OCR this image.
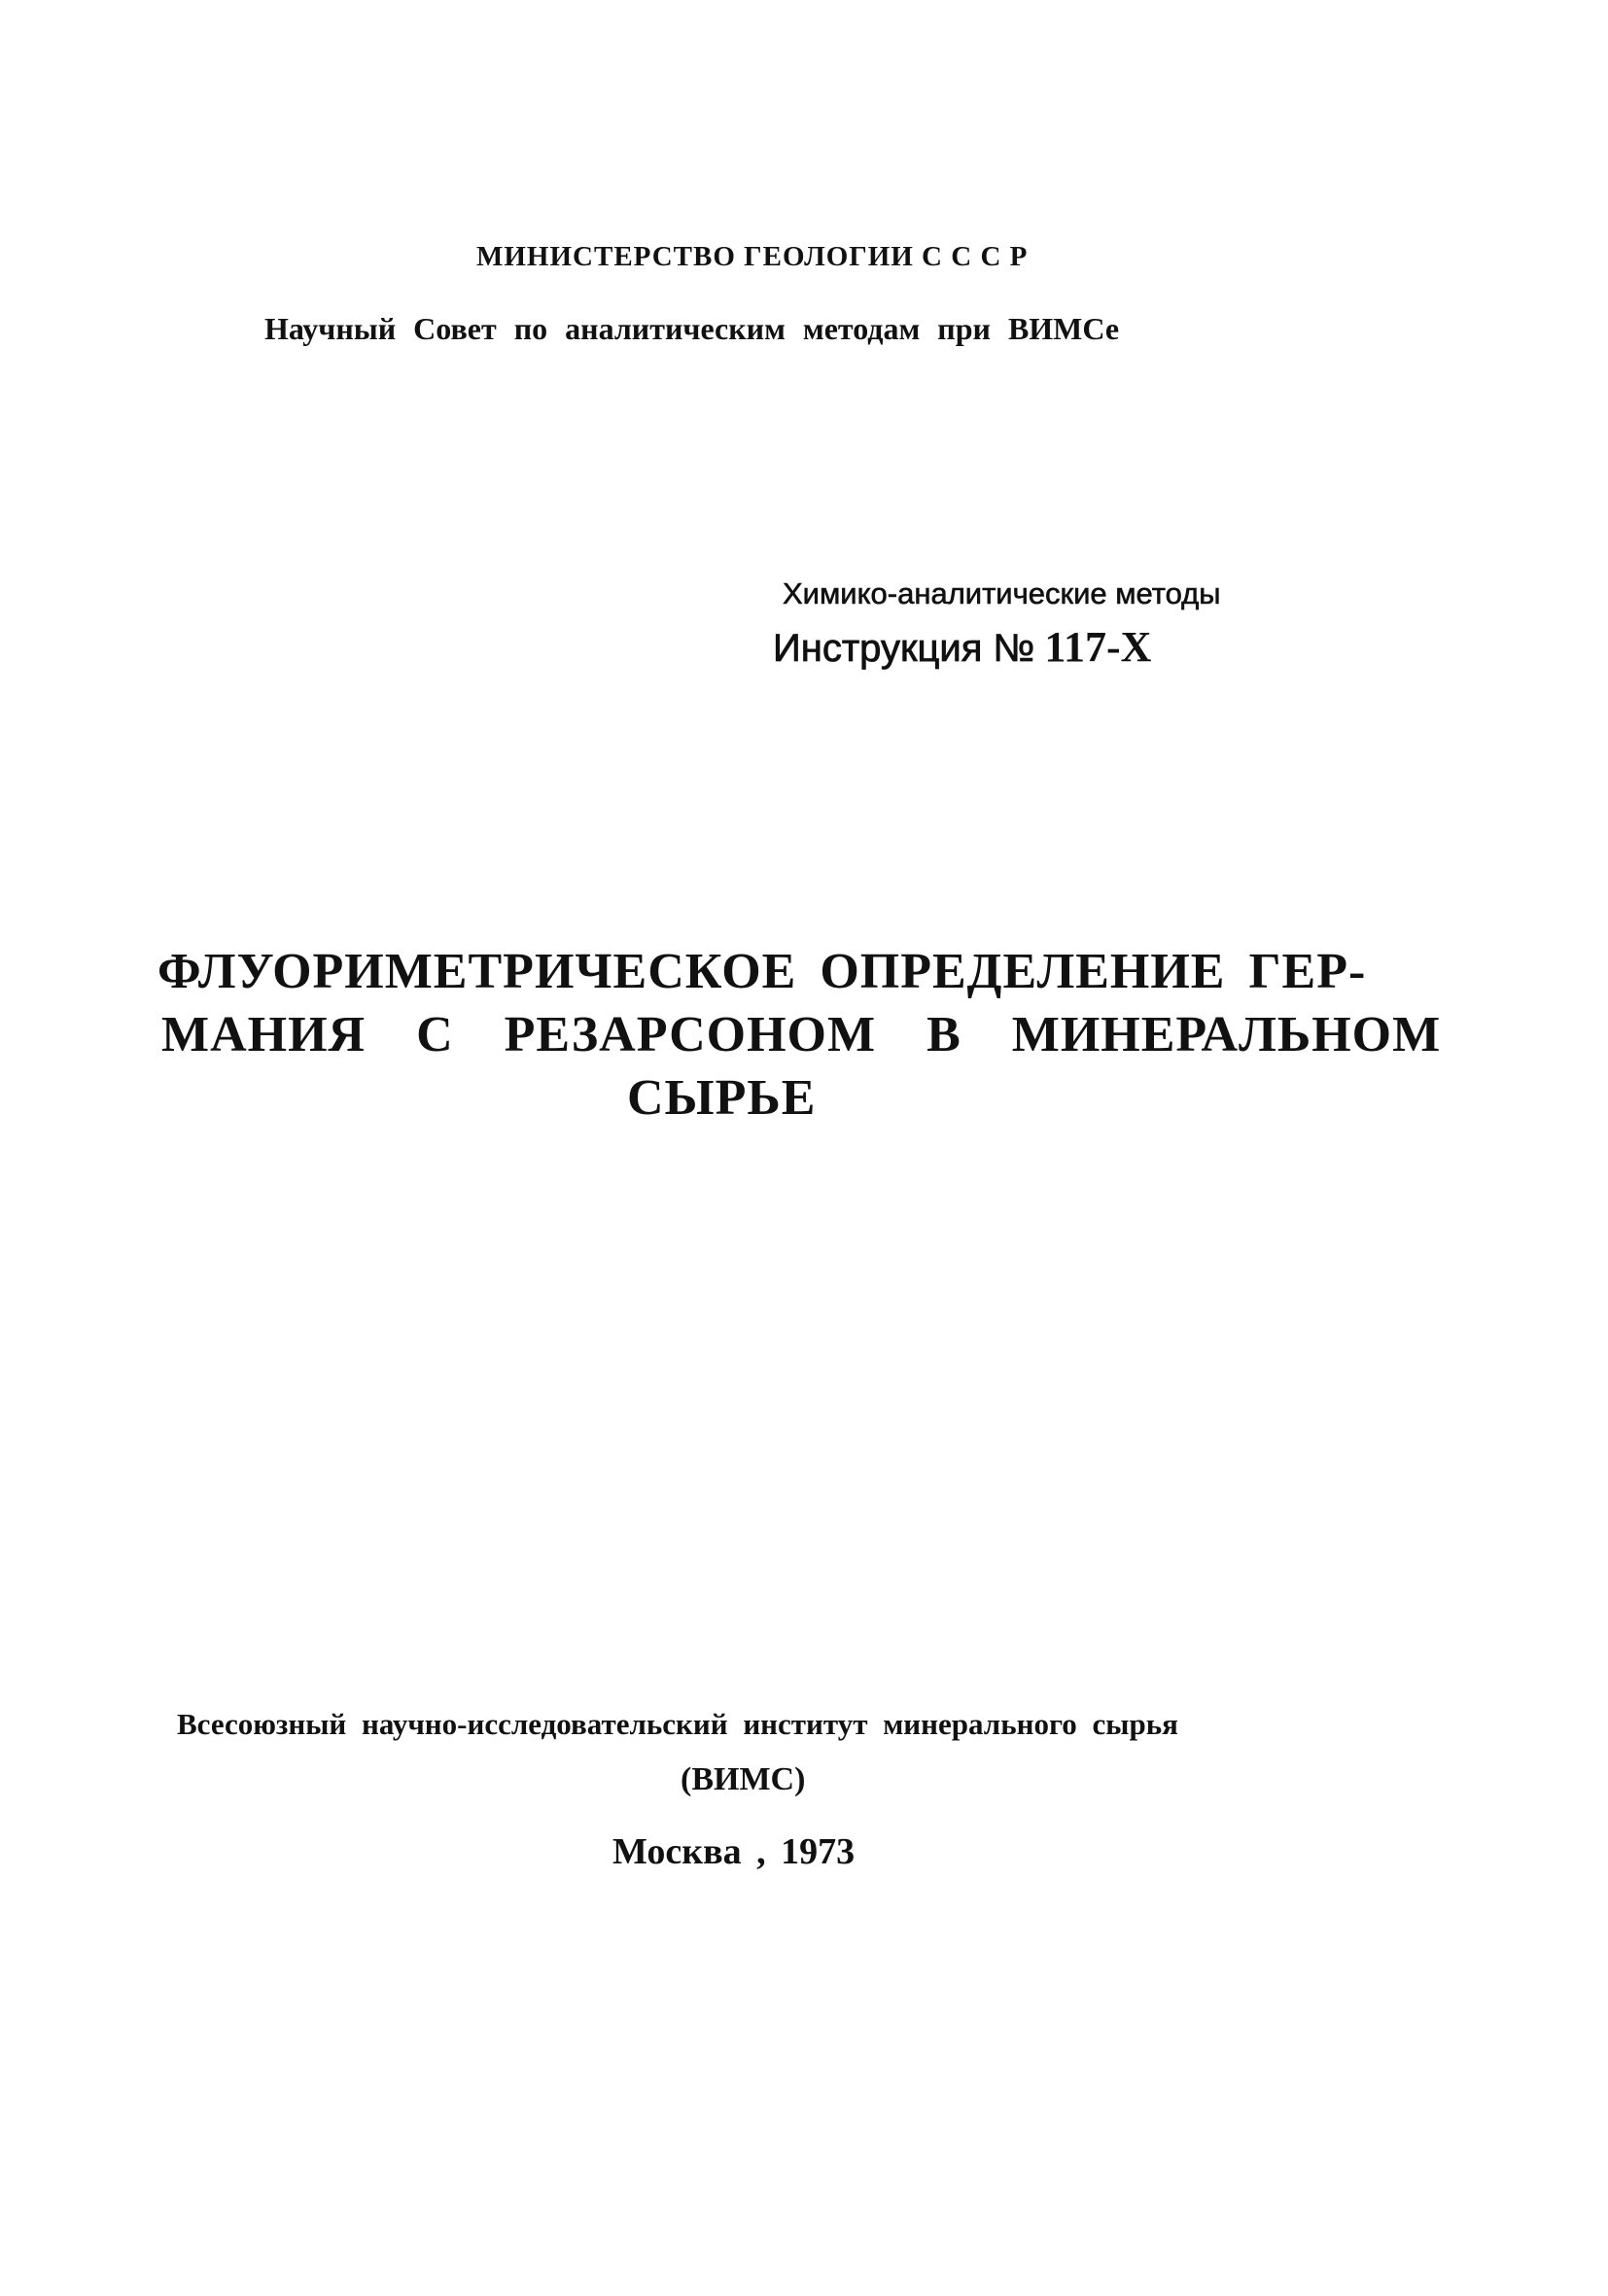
МИНИСТЕРСТВО ГЕОЛОГИИ С С С Р
Научный Совет по аналитическим методам при ВИМСе
Химико-аналитические методы
Инструкция № 117-Х
ФЛУОРИМЕТРИЧЕСКОЕ ОПРЕДЕЛЕНИЕ ГЕР-
МАНИЯ С РЕЗАРСОНОМ В МИНЕРАЛЬНОМ
СЫРЬЕ
Всесоюзный научно-исследовательский институт минерального сырья
(ВИМС)
Москва , 1973
